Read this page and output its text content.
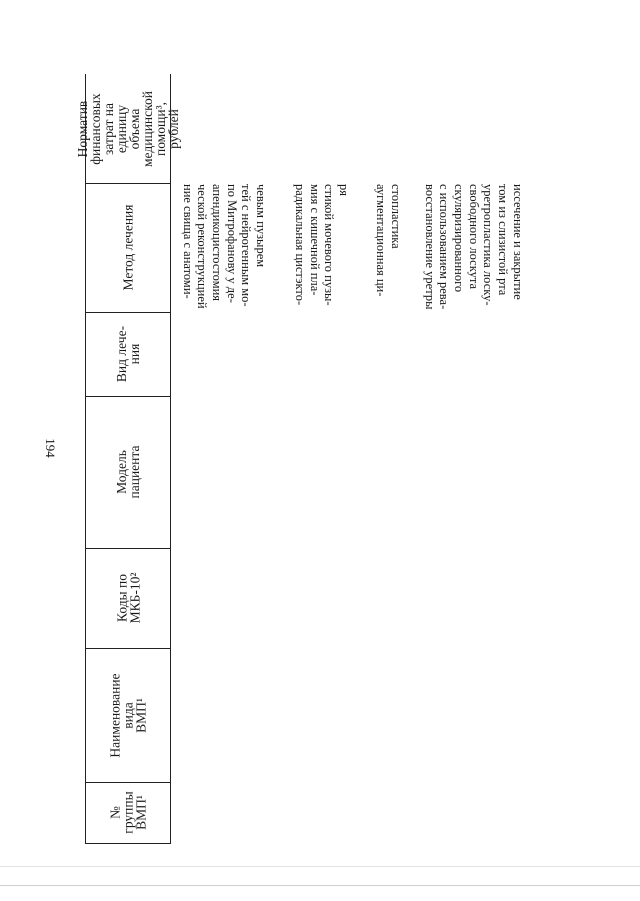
194
№
группы
ВМП¹
Наименование вида
ВМП¹
Коды по
МКБ-10²
Модель пациента
Вид лече-
ния
Метод лечения
Норматив
финансовых
затрат на
единицу объема
медицинской
помощи³,
рублей
ние свища с анатоми- ческой реконструкцией апендикоцистостомия по Митрофанову у де- тей с нейрогенным мо- чевым пузырем радикальная цистэкто- мия с кишечной пла- стикой мочевого пузы- ря аугментационная ци- стопластика восстановление уретры с использованием рева- скуляризированного свободного лоскута уретропластика лоску- том из слизистой рта иссечение и закрытие
